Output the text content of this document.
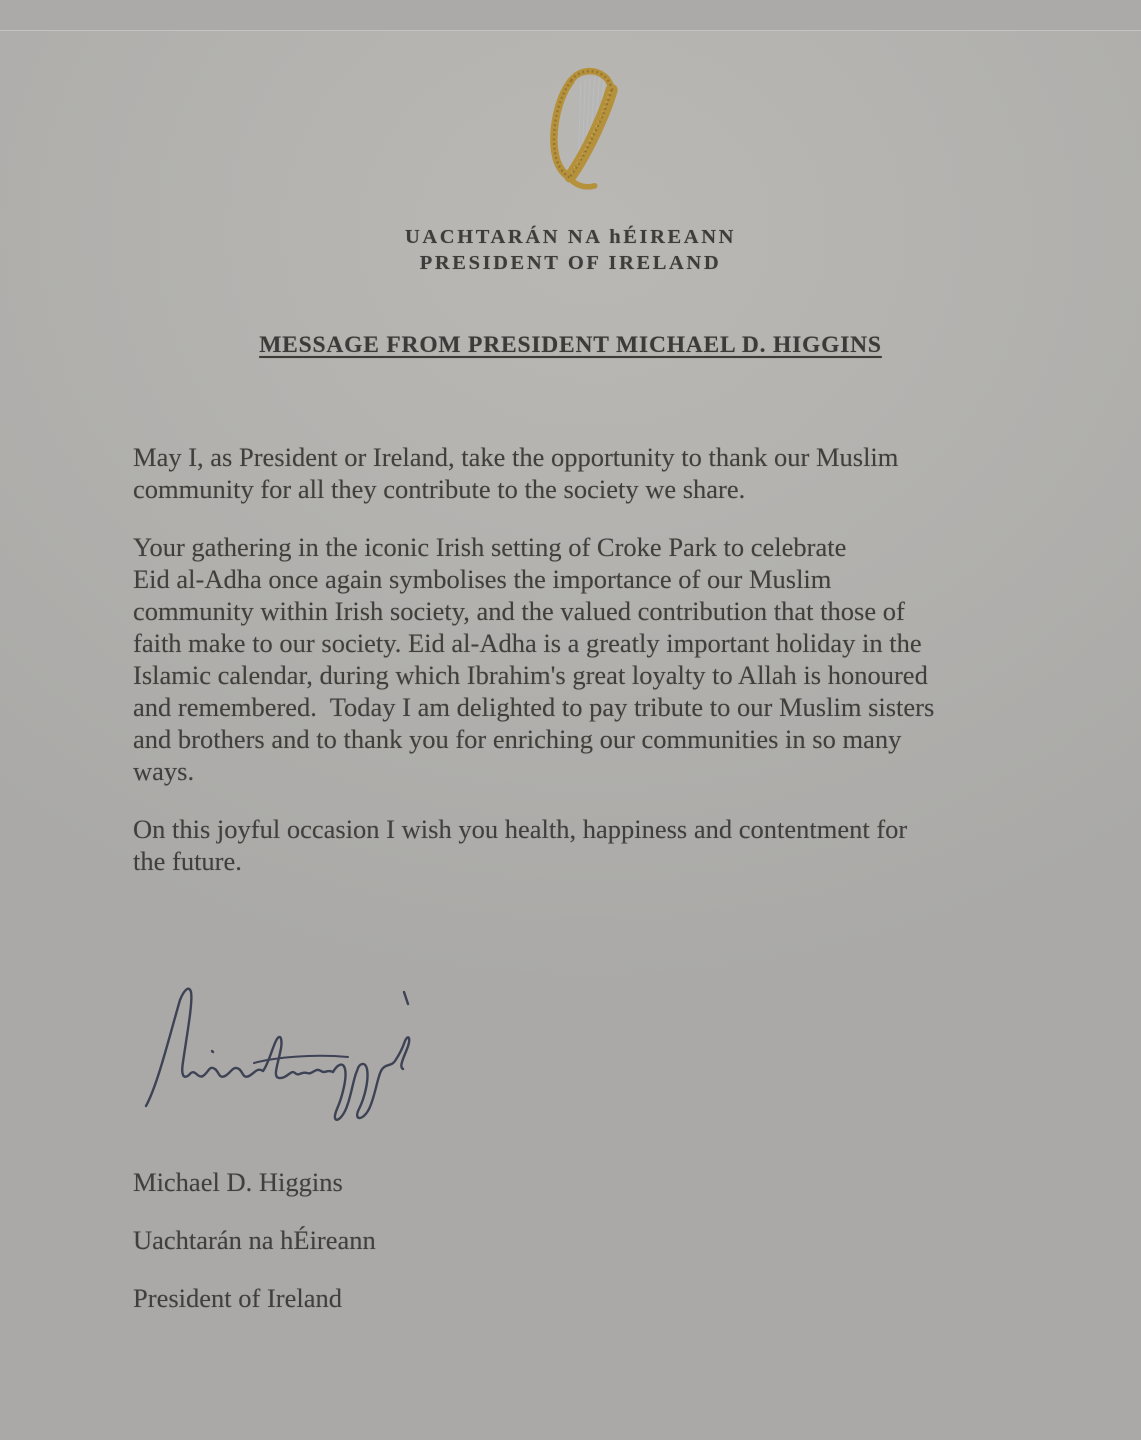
UACHTARÁN NA hÉIREANN
PRESIDENT OF IRELAND
MESSAGE FROM PRESIDENT MICHAEL D. HIGGINS
May I, as President or Ireland, take the opportunity to thank our Muslim
community for all they contribute to the society we share.
Your gathering in the iconic Irish setting of Croke Park to celebrate
Eid al-Adha once again symbolises the importance of our Muslim
community within Irish society, and the valued contribution that those of
faith make to our society. Eid al-Adha is a greatly important holiday in the
Islamic calendar, during which Ibrahim's great loyalty to Allah is honoured
and remembered.  Today I am delighted to pay tribute to our Muslim sisters
and brothers and to thank you for enriching our communities in so many
ways.
On this joyful occasion I wish you health, happiness and contentment for
the future.
Michael D. Higgins
Uachtarán na hÉireann
President of Ireland
